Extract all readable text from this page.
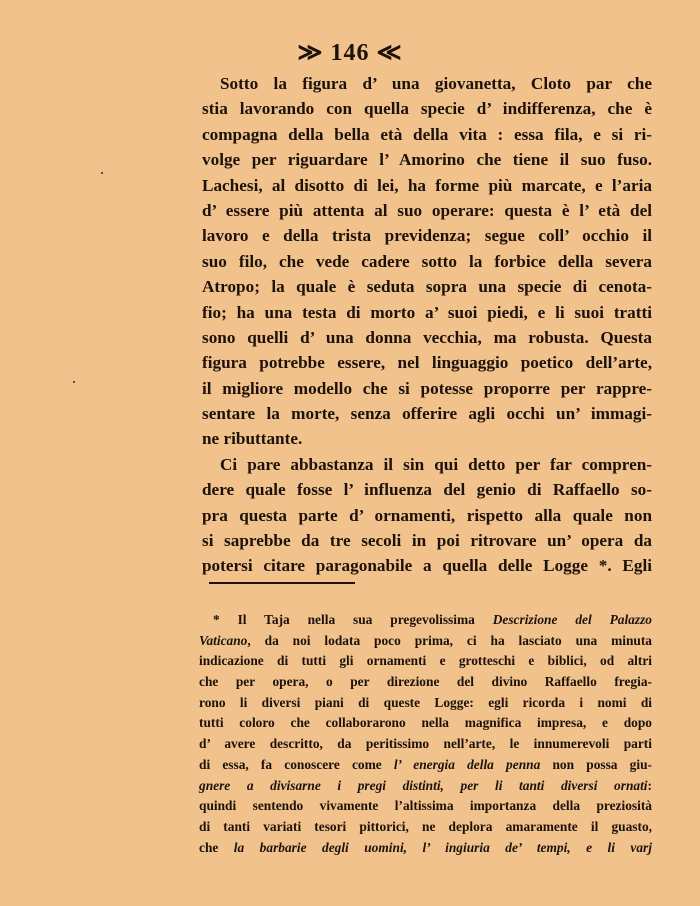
≫ 146 ≪
Sotto la figura d’ una giovanetta, Cloto par che
stia lavorando con quella specie d’ indifferenza, che è
compagna della bella età della vita : essa fila, e si ri-
volge per riguardare l’ Amorino che tiene il suo fuso.
Lachesi, al disotto di lei, ha forme più marcate, e l’aria
d’ essere più attenta al suo operare: questa è l’ età del
lavoro e della trista previdenza; segue coll’ occhio il
suo filo, che vede cadere sotto la forbice della severa
Atropo; la quale è seduta sopra una specie di cenota-
fio; ha una testa di morto a’ suoi piedi, e li suoi tratti
sono quelli d’ una donna vecchia, ma robusta. Questa
figura potrebbe essere, nel linguaggio poetico dell’arte,
il migliore modello che si potesse proporre per rappre-
sentare la morte, senza offerire agli occhi un’ immagi-
ne ributtante.
Ci pare abbastanza il sin qui detto per far compren-
dere quale fosse l’ influenza del genio di Raffaello so-
pra questa parte d’ ornamenti, rispetto alla quale non
si saprebbe da tre secoli in poi ritrovare un’ opera da
potersi citare paragonabile a quella delle Logge *. Egli
* Il Taja nella sua pregevolissima Descrizione del Palazzo
Vaticano, da noi lodata poco prima, ci ha lasciato una minuta
indicazione di tutti gli ornamenti e grotteschi e biblici, od altri
che per opera, o per direzione del divino Raffaello fregia-
rono li diversi piani di queste Logge: egli ricorda i nomi di
tutti coloro che collaborarono nella magnifica impresa, e dopo
d’ avere descritto, da peritissimo nell’arte, le innumerevoli parti
di essa, fa conoscere come l’ energia della penna non possa giu-
gnere a divisarne i pregi distinti, per li tanti diversi ornati:
quindi sentendo vivamente l’altissima importanza della preziosità
di tanti variati tesori pittorici, ne deplora amaramente il guasto,
che la barbarie degli uomini, l’ ingiuria de’ tempi, e li varj
